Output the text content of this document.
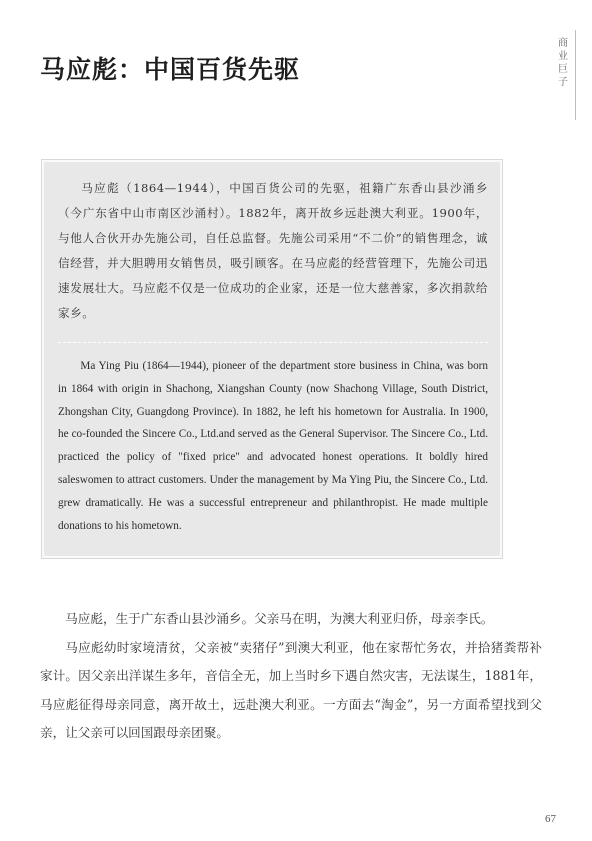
马应彪：中国百货先驱
商业巨子
马应彪（1864—1944），中国百货公司的先驱，祖籍广东香山县沙涌乡（今广东省中山市南区沙涌村）。1882年，离开故乡远赴澳大利亚。1900年，与他人合伙开办先施公司，自任总监督。先施公司采用“不二价”的销售理念，诚信经营，并大胆聘用女销售员，吸引顾客。在马应彪的经营管理下，先施公司迅速发展壮大。马应彪不仅是一位成功的企业家，还是一位大慈善家，多次捐款给家乡。
Ma Ying Piu (1864—1944), pioneer of the department store business in China, was born in 1864 with origin in Shachong, Xiangshan County (now Shachong Village, South District, Zhongshan City, Guangdong Province). In 1882, he left his hometown for Australia. In 1900, he co-founded the Sincere Co., Ltd.and served as the General Supervisor. The Sincere Co., Ltd. practiced the policy of "fixed price" and advocated honest operations. It boldly hired saleswomen to attract customers. Under the management by Ma Ying Piu, the Sincere Co., Ltd. grew dramatically. He was a successful entrepreneur and philanthropist. He made multiple donations to his hometown.

马应彪，生于广东香山县沙涌乡。父亲马在明，为澳大利亚归侨，母亲李氏。

马应彪幼时家境清贫，父亲被“卖猪仔”到澳大利亚，他在家帮忙务农，并拾猪粪帮补家计。因父亲出洋谋生多年，音信全无，加上当时乡下遇自然灾害，无法谋生，1881年，马应彪征得母亲同意，离开故土，远赴澳大利亚。一方面去“淘金”，另一方面希望找到父亲，让父亲可以回国跟母亲团聚。

67
